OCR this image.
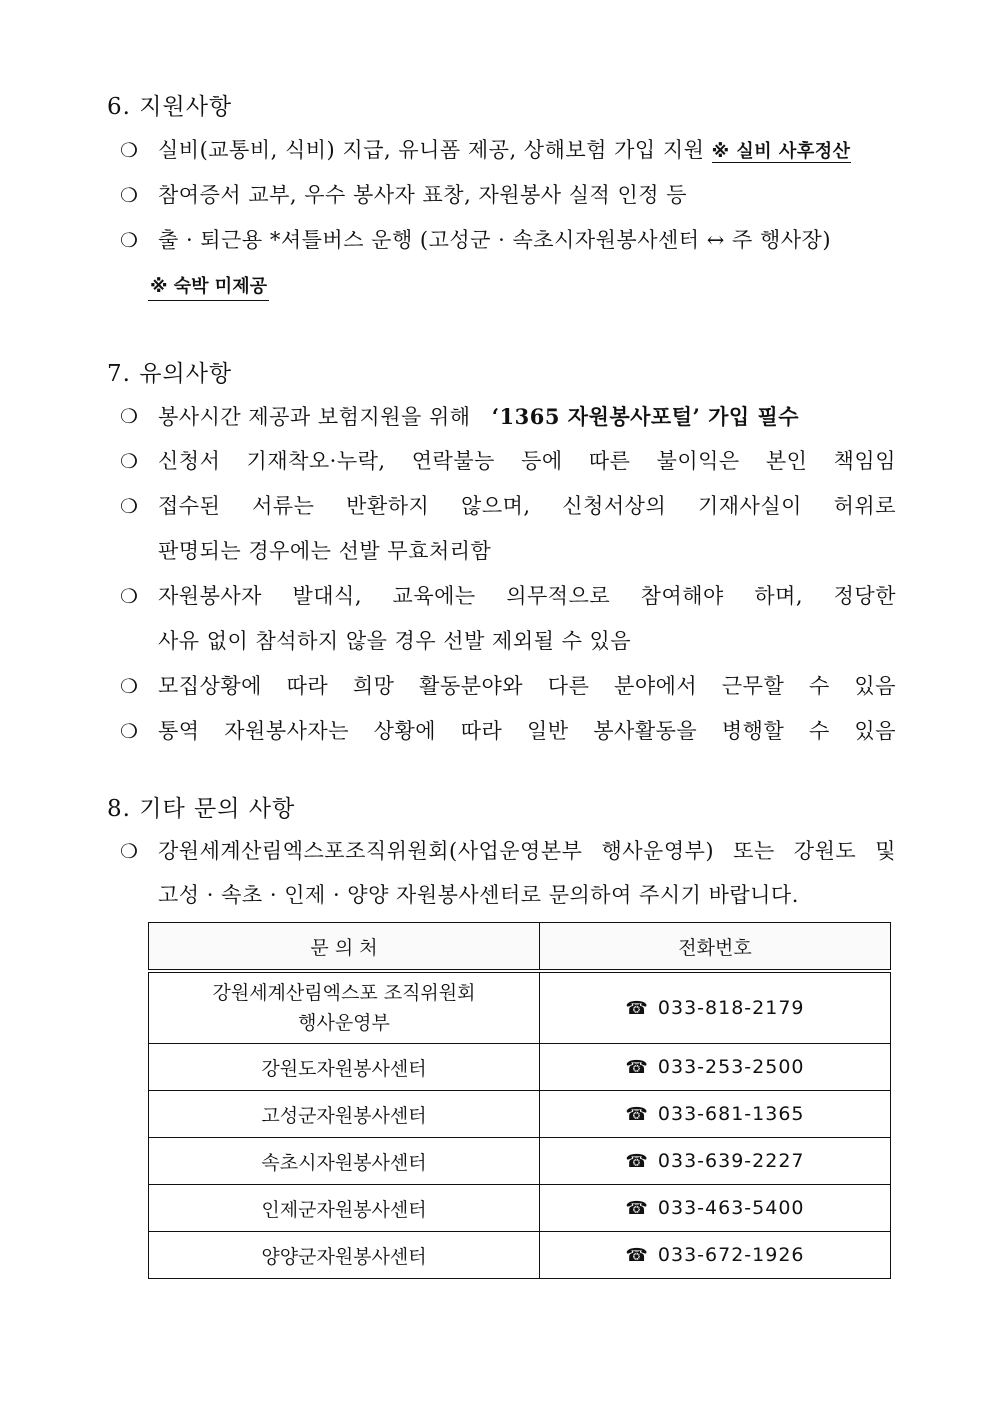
6. 지원사항
❍ 실비(교통비, 식비) 지급, 유니폼 제공, 상해보험 가입 지원 ※ 실비 사후정산
❍ 참여증서 교부, 우수 봉사자 표창, 자원봉사 실적 인정 등
❍ 출 · 퇴근용 *셔틀버스 운행 (고성군 · 속초시자원봉사센터 ↔ 주 행사장)
※ 숙박 미제공
7. 유의사항
❍ 봉사시간 제공과 보험지원을 위해 ‘1365 자원봉사포털’ 가입 필수
❍ 신청서 기재착오·누락, 연락불능 등에 따른 불이익은 본인 책임임
❍ 접수된 서류는 반환하지 않으며, 신청서상의 기재사실이 허위로
판명되는 경우에는 선발 무효처리함
❍ 자원봉사자 발대식, 교육에는 의무적으로 참여해야 하며, 정당한
사유 없이 참석하지 않을 경우 선발 제외될 수 있음
❍ 모집상황에 따라 희망 활동분야와 다른 분야에서 근무할 수 있음
❍ 통역 자원봉사자는 상황에 따라 일반 봉사활동을 병행할 수 있음
8. 기타 문의 사항
❍ 강원세계산림엑스포조직위원회(사업운영본부 행사운영부) 또는 강원도 및
고성 · 속초 · 인제 · 양양 자원봉사센터로 문의하여 주시기 바랍니다.
문 의 처	전화번호

강원세계산림엑스포 조직위원회
행사운영부	☎ 033-818-2179
강원도자원봉사센터	☎ 033-253-2500
고성군자원봉사센터	☎ 033-681-1365
속초시자원봉사센터	☎ 033-639-2227
인제군자원봉사센터	☎ 033-463-5400
양양군자원봉사센터	☎ 033-672-1926
